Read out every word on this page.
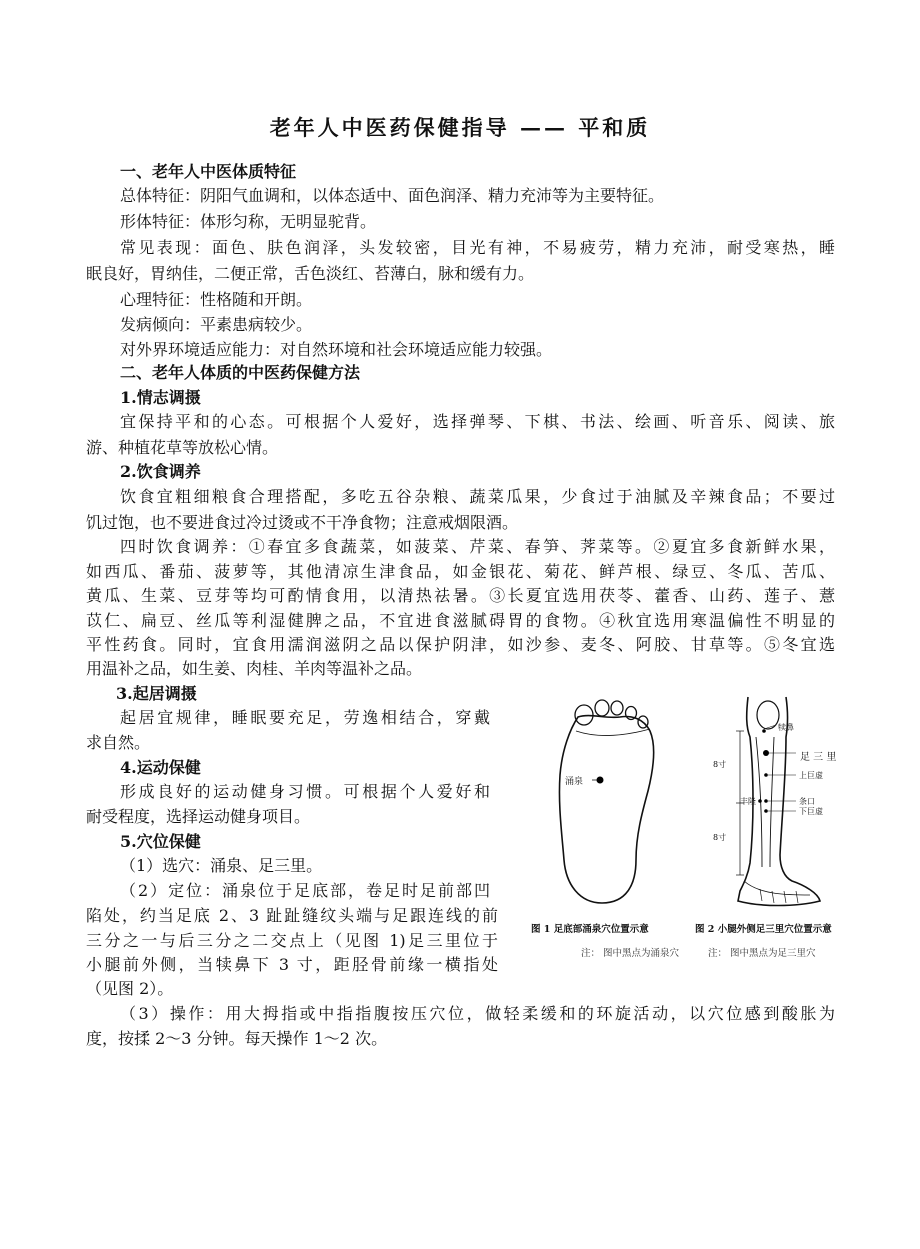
老年人中医药保健指导 —— 平和质
一、老年人中医体质特征
总体特征：阴阳气血调和，以体态适中、面色润泽、精力充沛等为主要特征。
形体特征：体形匀称，无明显驼背。
常见表现：面色、肤色润泽，头发较密，目光有神，不易疲劳，精力充沛，耐受寒热，睡
眠良好，胃纳佳，二便正常，舌色淡红、苔薄白，脉和缓有力。
心理特征：性格随和开朗。
发病倾向：平素患病较少。
对外界环境适应能力：对自然环境和社会环境适应能力较强。
二、老年人体质的中医药保健方法
1.情志调摄
宜保持平和的心态。可根据个人爱好，选择弹琴、下棋、书法、绘画、听音乐、阅读、旅
游、种植花草等放松心情。
2.饮食调养
饮食宜粗细粮食合理搭配，多吃五谷杂粮、蔬菜瓜果，少食过于油腻及辛辣食品；不要过
饥过饱，也不要进食过冷过烫或不干净食物；注意戒烟限酒。
四时饮食调养：①春宜多食蔬菜，如菠菜、芹菜、春笋、荠菜等。②夏宜多食新鲜水果，
如西瓜、番茄、菠萝等，其他清凉生津食品，如金银花、菊花、鲜芦根、绿豆、冬瓜、苦瓜、
黄瓜、生菜、豆芽等均可酌情食用，以清热祛暑。③长夏宜选用茯苓、藿香、山药、莲子、薏
苡仁、扁豆、丝瓜等利湿健脾之品，不宜进食滋腻碍胃的食物。④秋宜选用寒温偏性不明显的
平性药食。同时，宜食用濡润滋阴之品以保护阴津，如沙参、麦冬、阿胶、甘草等。⑤冬宜选
用温补之品，如生姜、肉桂、羊肉等温补之品。
3.起居调摄
起居宜规律，睡眠要充足，劳逸相结合，穿戴
求自然。
4.运动保健
形成良好的运动健身习惯。可根据个人爱好和
耐受程度，选择运动健身项目。
5.穴位保健
（1）选穴：涌泉、足三里。
（2）定位：涌泉位于足底部，卷足时足前部凹
陷处，约当足底 2、3 趾趾缝纹头端与足跟连线的前
三分之一与后三分之二交点上（见图 1)足三里位于
小腿前外侧，当犊鼻下 3 寸，距胫骨前缘一横指处
（见图 2）。
（3）操作：用大拇指或中指指腹按压穴位，做轻柔缓和的环旋活动，以穴位感到酸胀为
度，按揉 2～3 分钟。每天操作 1～2 次。
涌泉
图 1 足底部涌泉穴位置示意
注： 图中黑点为涌泉穴
犊鼻
足 三 里
上巨虚
条口
丰隆
下巨虚
8寸
8寸
图 2 小腿外侧足三里穴位置示意
注： 图中黑点为足三里穴
